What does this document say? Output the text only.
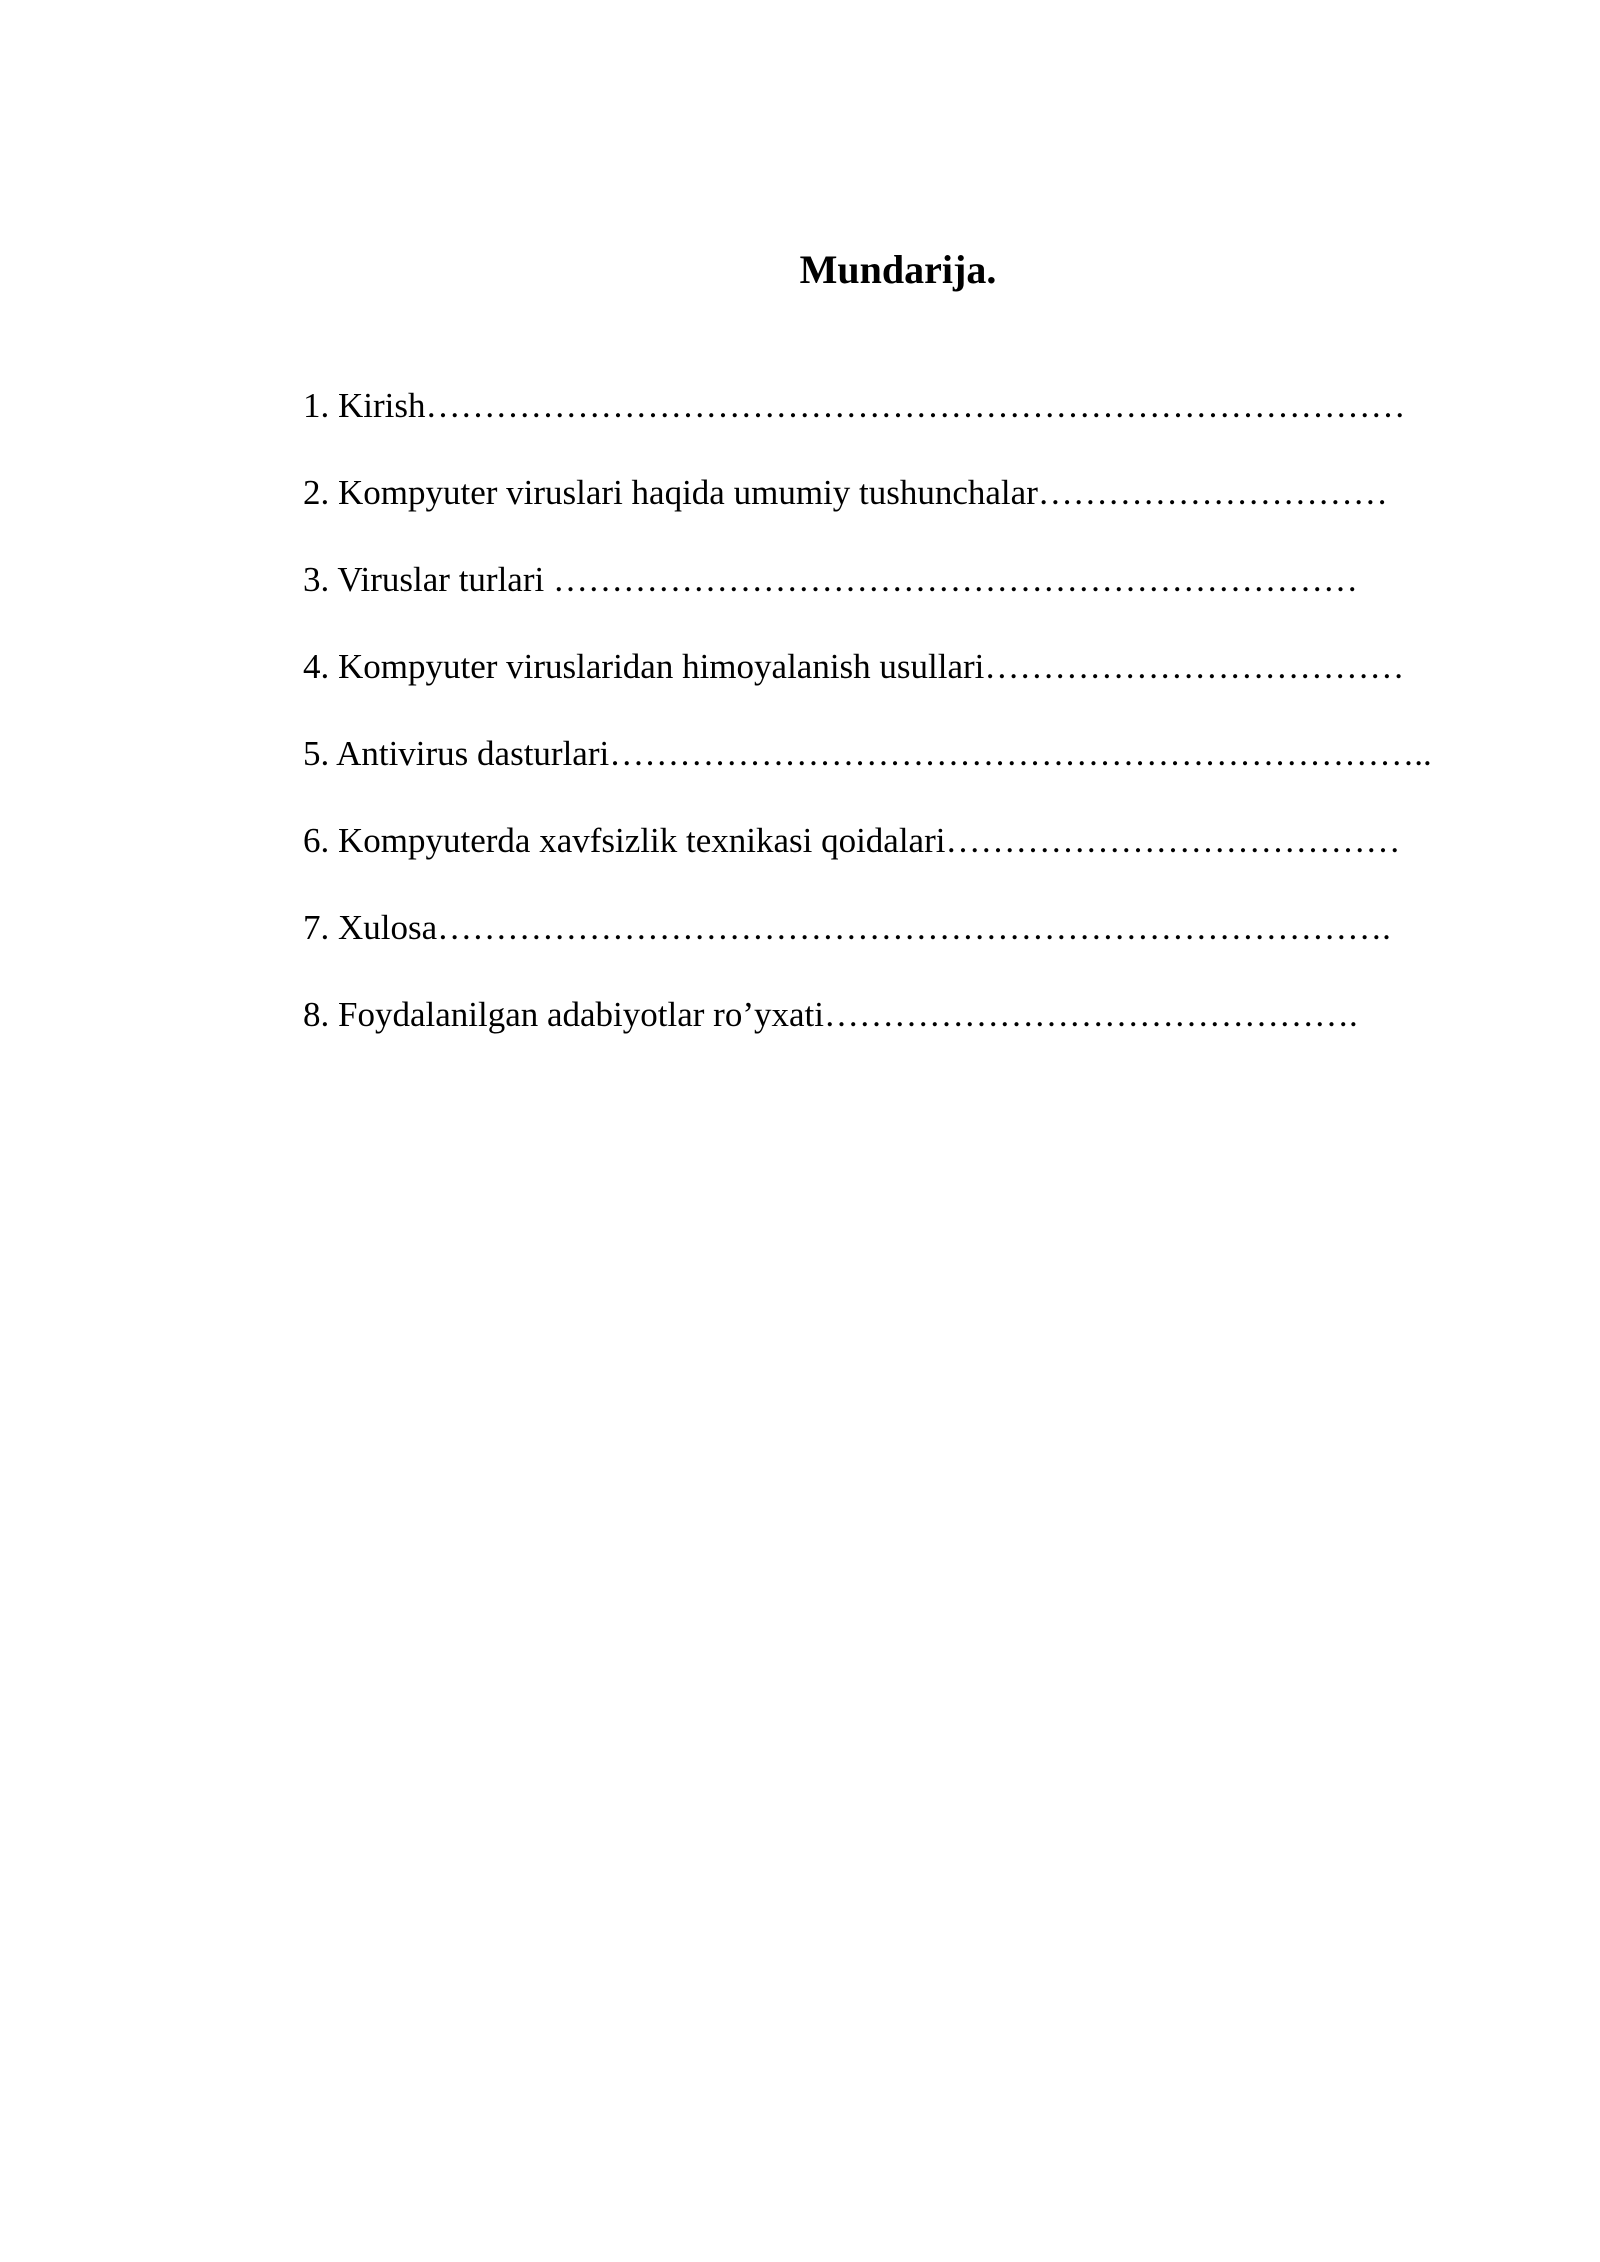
Mundarija.
1. Kirish…………………………………………………………………………
2. Kompyuter viruslari haqida umumiy tushunchalar…………………………
3. Viruslar turlari ……………………………………………………………
4. Kompyuter viruslaridan himoyalanish usullari………………………………
5. Antivirus dasturlari……………………………………………………………..
6. Kompyuterda xavfsizlik texnikasi qoidalari…………………………………
7. Xulosa……………………………………………………………………….
8. Foydalanilgan adabiyotlar ro’yxati……………………………………….
